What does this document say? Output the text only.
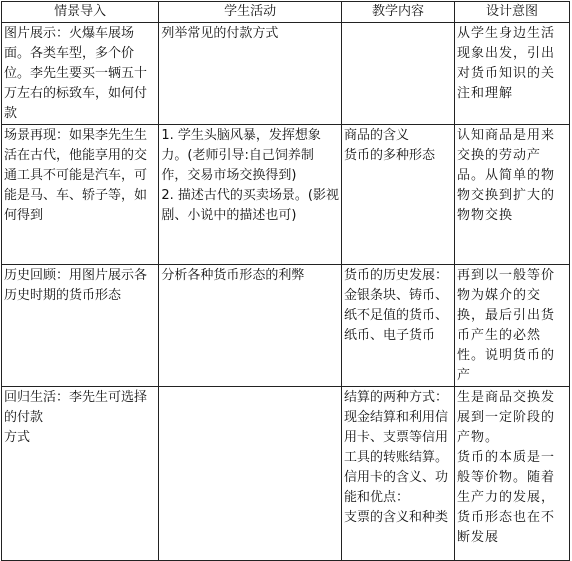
情景导入	学生活动	教学内容	设计意图

图片展示：火爆车展场面。各类车型，多个价位。李先生要买一辆五十万左右的标致车，如何付款	列举常见的付款方式		从学生身边生活现象出发，引出对货币知识的关注和理解

场景再现：如果李先生生活在古代，他能享用的交通工具不可能是汽车，可能是马、车、轿子等，如何得到	1. 学生头脑风暴，发挥想象力。(老师引导:自己饲养制作，交易市场交换得到)
2. 描述古代的买卖场景。(影视剧、小说中的描述也可)	商品的含义
货币的多种形态	认知商品是用来交换的劳动产品。从简单的物物交换到扩大的物物交换

历史回顾：用图片展示各历史时期的货币形态	分析各种货币形态的利弊	货币的历史发展：金银条块、铸币、纸不足值的货币、纸币、电子货币	再到以一般等价物为媒介的交换，最后引出货币产生的必然性。说明货币的产

回归生活：李先生可选择的付款
方式		结算的两种方式：现金结算和利用信用卡、支票等信用
工具的转账结算。信用卡的含义、功能和优点：
支票的含义和种类	生是商品交换发展到一定阶段的产物。
货币的本质是一般等价物。随着生产力的发展，货币形态也在不断发展
